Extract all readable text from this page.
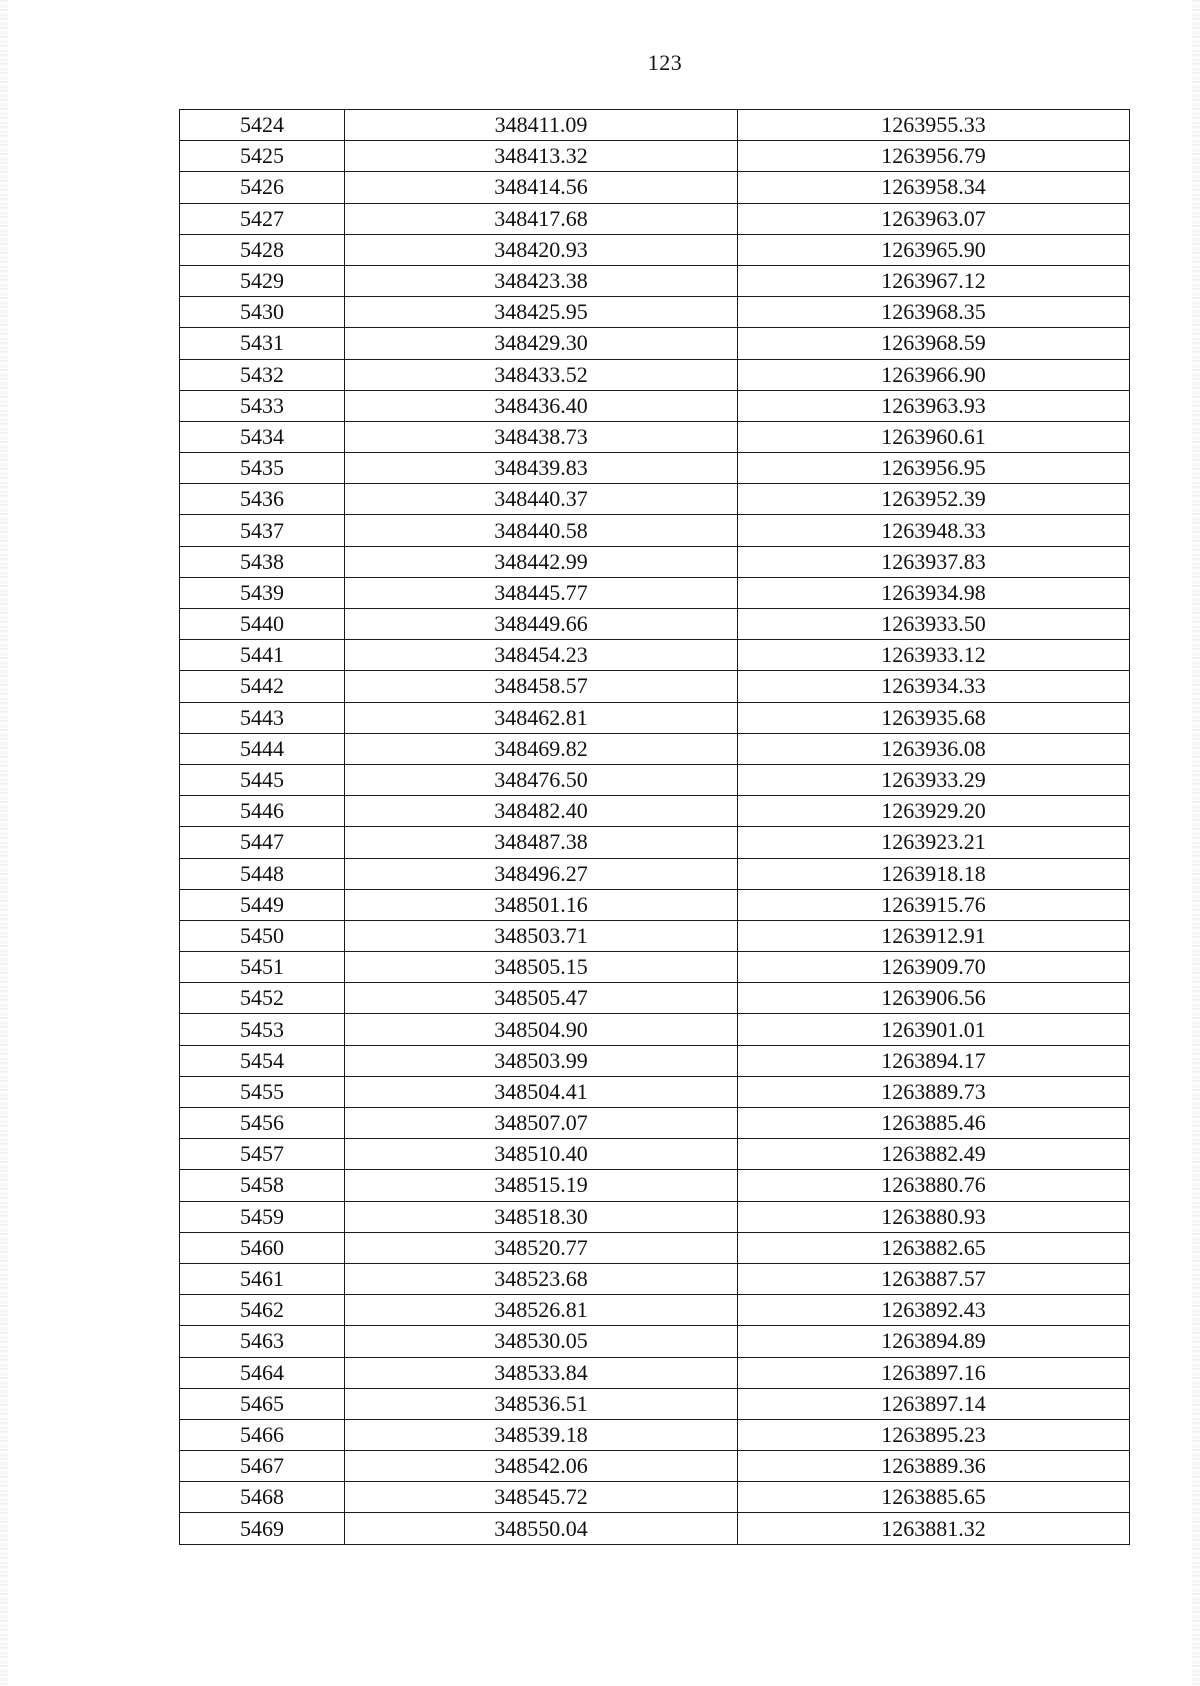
123
5424	348411.09	1263955.33
5425	348413.32	1263956.79
5426	348414.56	1263958.34
5427	348417.68	1263963.07
5428	348420.93	1263965.90
5429	348423.38	1263967.12
5430	348425.95	1263968.35
5431	348429.30	1263968.59
5432	348433.52	1263966.90
5433	348436.40	1263963.93
5434	348438.73	1263960.61
5435	348439.83	1263956.95
5436	348440.37	1263952.39
5437	348440.58	1263948.33
5438	348442.99	1263937.83
5439	348445.77	1263934.98
5440	348449.66	1263933.50
5441	348454.23	1263933.12
5442	348458.57	1263934.33
5443	348462.81	1263935.68
5444	348469.82	1263936.08
5445	348476.50	1263933.29
5446	348482.40	1263929.20
5447	348487.38	1263923.21
5448	348496.27	1263918.18
5449	348501.16	1263915.76
5450	348503.71	1263912.91
5451	348505.15	1263909.70
5452	348505.47	1263906.56
5453	348504.90	1263901.01
5454	348503.99	1263894.17
5455	348504.41	1263889.73
5456	348507.07	1263885.46
5457	348510.40	1263882.49
5458	348515.19	1263880.76
5459	348518.30	1263880.93
5460	348520.77	1263882.65
5461	348523.68	1263887.57
5462	348526.81	1263892.43
5463	348530.05	1263894.89
5464	348533.84	1263897.16
5465	348536.51	1263897.14
5466	348539.18	1263895.23
5467	348542.06	1263889.36
5468	348545.72	1263885.65
5469	348550.04	1263881.32
